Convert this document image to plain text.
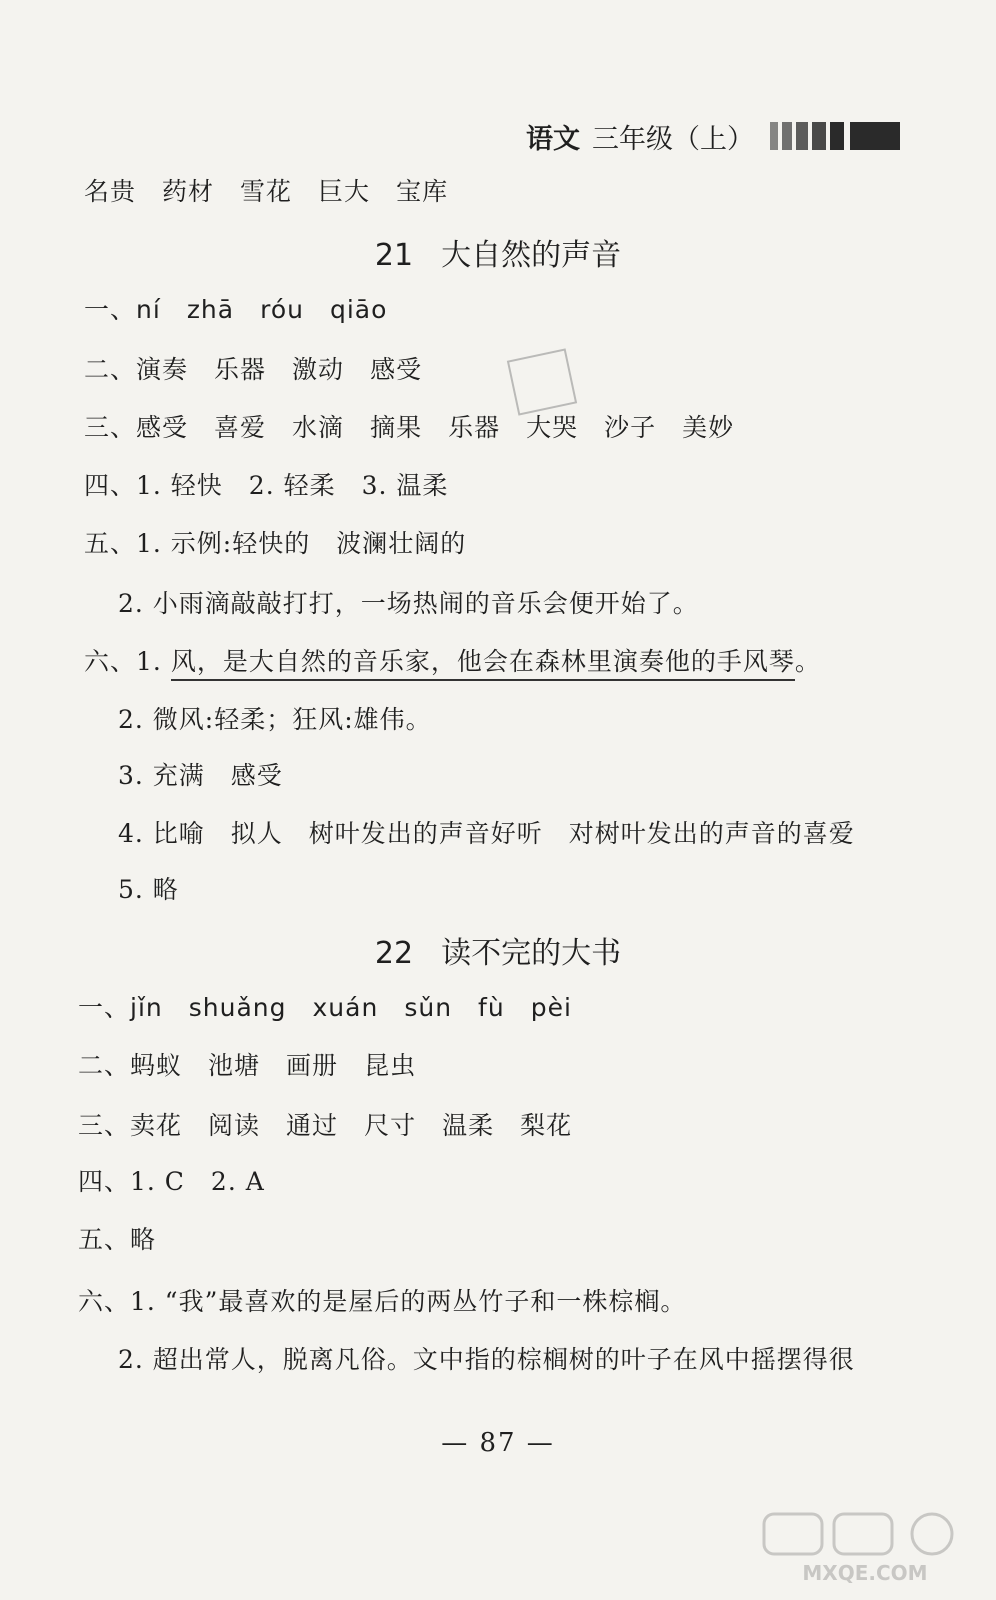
语文 三年级（上）
名贵 药材 雪花 巨大 宝库
21 大自然的声音
一、ní zhā róu qiāo
二、演奏 乐器 激动 感受
三、感受 喜爱 水滴 摘果 乐器 大哭 沙子 美妙
四、1. 轻快　2. 轻柔　3. 温柔
五、1. 示例:轻快的　波澜壮阔的
2. 小雨滴敲敲打打，一场热闹的音乐会便开始了。
六、1. 风，是大自然的音乐家，他会在森林里演奏他的手风琴。
2. 微风:轻柔；狂风:雄伟。
3. 充满　感受
4. 比喻　拟人　树叶发出的声音好听　对树叶发出的声音的喜爱
5. 略
22 读不完的大书
一、jǐn shuǎng xuán sǔn fù pèi
二、蚂蚁 池塘 画册 昆虫
三、卖花 阅读 通过 尺寸 温柔 梨花
四、1. C　2. A
五、略
六、1. “我”最喜欢的是屋后的两丛竹子和一株棕榈。
2. 超出常人，脱离凡俗。文中指的棕榈树的叶子在风中摇摆得很
— 87 —
MXQE.COM
